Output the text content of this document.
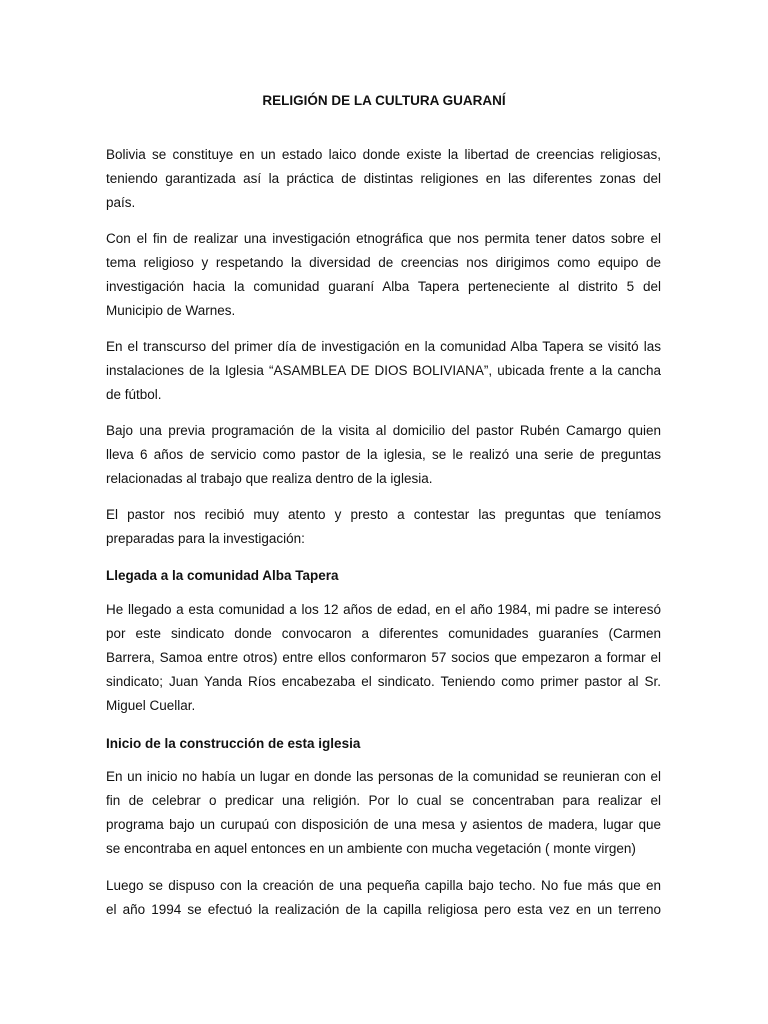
RELIGIÓN DE LA CULTURA GUARANÍ
Bolivia se constituye en un estado laico donde existe la libertad de creencias religiosas,
teniendo garantizada así la práctica de distintas religiones en las diferentes zonas del
país.
Con el fin de realizar una investigación etnográfica que nos permita tener datos sobre el
tema religioso y respetando la diversidad de creencias nos dirigimos como equipo de
investigación hacia la comunidad guaraní Alba Tapera perteneciente al distrito 5 del
Municipio de Warnes.
En el transcurso del primer día de investigación en la comunidad Alba Tapera se visitó las
instalaciones de la Iglesia “ASAMBLEA DE DIOS BOLIVIANA”, ubicada frente a la cancha
de fútbol.
Bajo una previa programación de la visita al domicilio del pastor Rubén Camargo quien
lleva 6 años de servicio como pastor de la iglesia, se le realizó una serie de preguntas
relacionadas al trabajo que realiza dentro de la iglesia.
El pastor nos recibió muy atento y presto a contestar las preguntas que teníamos
preparadas para la investigación:
Llegada a la comunidad Alba Tapera
He llegado a esta comunidad a los 12 años de edad, en el año 1984, mi padre se interesó
por este sindicato donde convocaron a diferentes comunidades guaraníes (Carmen
Barrera, Samoa entre otros) entre ellos conformaron 57 socios que empezaron a formar el
sindicato; Juan Yanda Ríos encabezaba el sindicato. Teniendo como primer pastor al Sr.
Miguel Cuellar.
Inicio de la construcción de esta iglesia
En un inicio no había un lugar en donde las personas de la comunidad se reunieran con el
fin de celebrar o predicar una religión. Por lo cual se concentraban para realizar el
programa bajo un curupaú con disposición de una mesa y asientos de madera, lugar que
se encontraba en aquel entonces en un ambiente con mucha vegetación ( monte virgen)
Luego se dispuso con la creación de una pequeña capilla bajo techo. No fue más que en
el año 1994 se efectuó la realización de la capilla religiosa pero esta vez en un terreno
